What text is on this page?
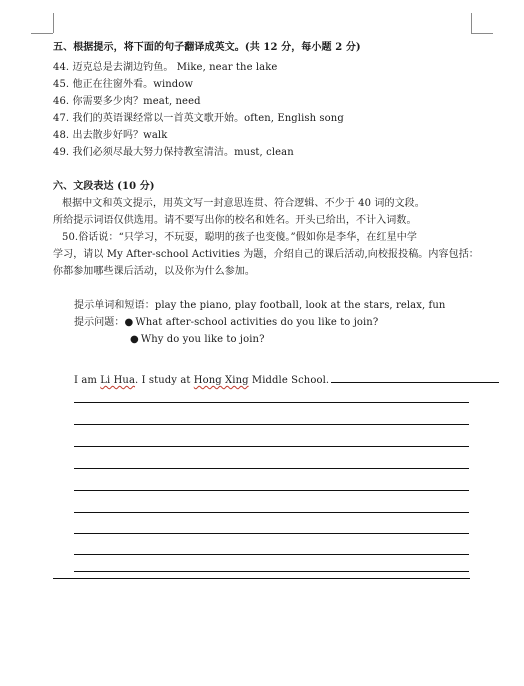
五、根据提示，将下面的句子翻译成英文。(共 12 分，每小题 2 分)
44. 迈克总是去湖边钓鱼。 Mike, near the lake
45. 他正在往窗外看。window
46. 你需要多少肉？meat, need
47. 我们的英语课经常以一首英文歌开始。often, English song
48. 出去散步好吗？walk
49. 我们必须尽最大努力保持教室清洁。must, clean
六、文段表达 (10 分)
根据中文和英文提示，用英文写一封意思连贯、符合逻辑、不少于 40 词的文段。
所给提示词语仅供选用。请不要写出你的校名和姓名。开头已给出，不计入词数。
50.俗话说：“只学习，不玩耍，聪明的孩子也变傻。”假如你是李华，在红星中学
学习，请以 My After-school Activities 为题，介绍自己的课后活动,向校报投稿。内容包括：
你都参加哪些课后活动，以及你为什么参加。
提示单词和短语：play the piano, play football, look at the stars, relax, fun
提示问题：● What after-school activities do you like to join?
● Why do you like to join?
I am Li Hua. I study at Hong Xing Middle School.
